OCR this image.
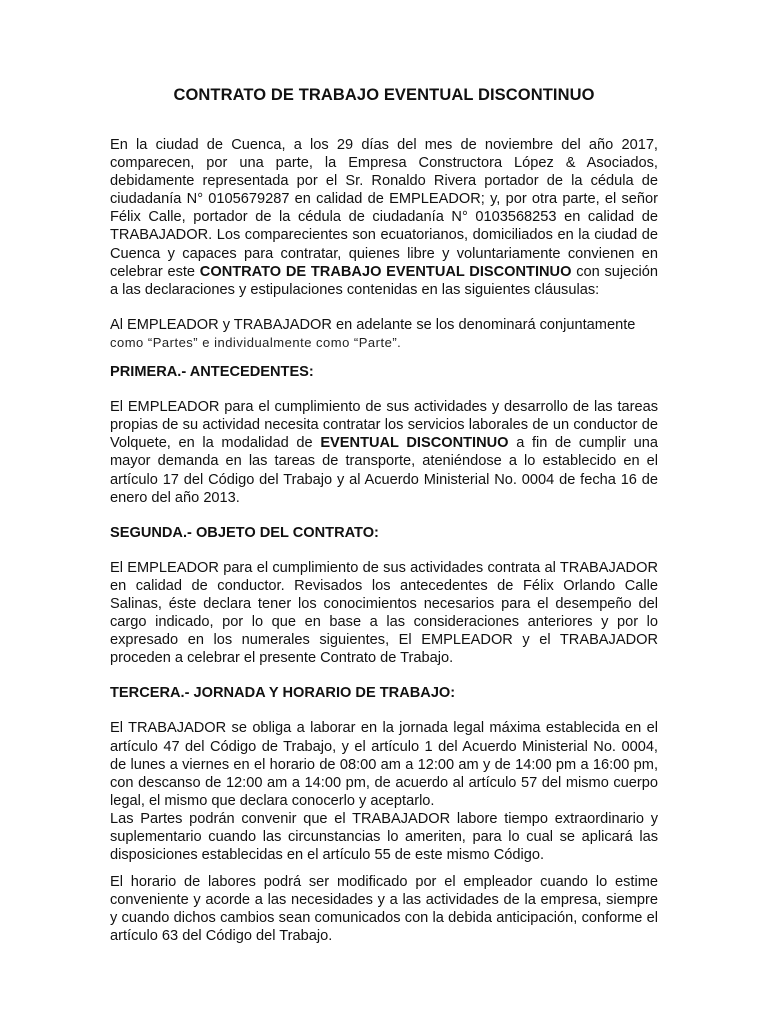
CONTRATO DE TRABAJO EVENTUAL DISCONTINUO

En la ciudad de Cuenca, a los 29 días del mes de noviembre del año 2017, comparecen, por una parte, la Empresa Constructora López & Asociados, debidamente representada por el Sr. Ronaldo Rivera portador de la cédula de ciudadanía N° 0105679287 en calidad de EMPLEADOR; y, por otra parte, el señor Félix Calle, portador de la cédula de ciudadanía N° 0103568253 en calidad de TRABAJADOR. Los comparecientes son ecuatorianos, domiciliados en la ciudad de Cuenca y capaces para contratar, quienes libre y voluntariamente convienen en celebrar este CONTRATO DE TRABAJO EVENTUAL DISCONTINUO con sujeción a las declaraciones y estipulaciones contenidas en las siguientes cláusulas:

Al EMPLEADOR y TRABAJADOR en adelante se los denominará conjuntamente
como “Partes” e individualmente como “Parte”.

PRIMERA.- ANTECEDENTES:

El EMPLEADOR para el cumplimiento de sus actividades y desarrollo de las tareas propias de su actividad necesita contratar los servicios laborales de un conductor de Volquete, en la modalidad de EVENTUAL DISCONTINUO a fin de cumplir una mayor demanda en las tareas de transporte, ateniéndose a lo establecido en el artículo 17 del Código del Trabajo y al Acuerdo Ministerial No. 0004 de fecha 16 de enero del año 2013.

SEGUNDA.- OBJETO DEL CONTRATO:

El EMPLEADOR para el cumplimiento de sus actividades contrata al TRABAJADOR en calidad de conductor. Revisados los antecedentes de Félix Orlando Calle Salinas, éste declara tener los conocimientos necesarios para el desempeño del cargo indicado, por lo que en base a las consideraciones anteriores y por lo expresado en los numerales siguientes, El EMPLEADOR y el TRABAJADOR proceden a celebrar el presente Contrato de Trabajo.

TERCERA.- JORNADA Y HORARIO DE TRABAJO:

El TRABAJADOR se obliga a laborar en la jornada legal máxima establecida en el artículo 47 del Código de Trabajo, y el artículo 1 del Acuerdo Ministerial No. 0004, de lunes a viernes en el horario de 08:00 am a 12:00 am y de 14:00 pm a 16:00 pm, con descanso de 12:00 am a 14:00 pm, de acuerdo al artículo 57 del mismo cuerpo legal, el mismo que declara conocerlo y aceptarlo.

Las Partes podrán convenir que el TRABAJADOR labore tiempo extraordinario y suplementario cuando las circunstancias lo ameriten, para lo cual se aplicará las disposiciones establecidas en el artículo 55 de este mismo Código.

El horario de labores podrá ser modificado por el empleador cuando lo estime conveniente y acorde a las necesidades y a las actividades de la empresa, siempre y cuando dichos cambios sean comunicados con la debida anticipación, conforme el artículo 63 del Código del Trabajo.
